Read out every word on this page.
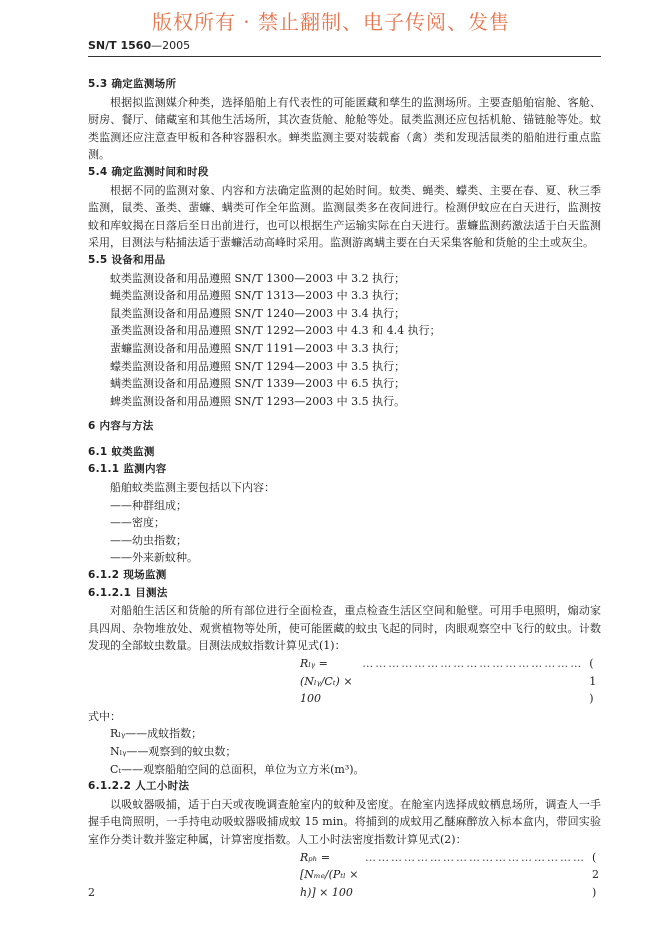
版权所有 · 禁止翻制、电子传阅、发售
SN/T 1560—2005

5.3 确定监测场所

根据拟监测媒介种类，选择船舶上有代表性的可能匿藏和孳生的监测场所。主要查船舶宿舱、客舱、厨房、餐厅、储藏室和其他生活场所，其次查货舱、舱舱等处。鼠类监测还应包括机舱、锚链舱等处。蚊类监测还应注意查甲板和各种容器积水。蝉类监测主要对装载畜（禽）类和发现活鼠类的船舶进行重点监测。

5.4 确定监测时间和时段

根据不同的监测对象、内容和方法确定监测的起始时间。蚊类、蝇类、蠓类、主要在春、夏、秋三季监测，鼠类、蚤类、蜚蠊、螨类可作全年监测。监测鼠类多在夜间进行。检测伊蚊应在白天进行，监测按蚊和库蚊揭在日落后至日出前进行，也可以根据生产运输实际在白天进行。蜚蠊监测药激法适于白天监测采用，目测法与粘捕法适于蜚蠊活动高峰时采用。监测游离螨主要在白天采集客舱和货舱的尘土或灰尘。

5.5 设备和用品

蚊类监测设备和用品遵照 SN/T 1300—2003 中 3.2 执行；

蝇类监测设备和用品遵照 SN/T 1313—2003 中 3.3 执行；

鼠类监测设备和用品遵照 SN/T 1240—2003 中 3.4 执行；

蚤类监测设备和用品遵照 SN/T 1292—2003 中 4.3 和 4.4 执行；

蜚蠊监测设备和用品遵照 SN/T 1191—2003 中 3.3 执行；

蠓类监测设备和用品遵照 SN/T 1294—2003 中 3.5 执行；

螨类监测设备和用品遵照 SN/T 1339—2003 中 6.5 执行；

蜱类监测设备和用品遵照 SN/T 1293—2003 中 3.5 执行。

6 内容与方法

6.1 蚊类监测

6.1.1 监测内容

船舶蚊类监测主要包括以下内容：

——种群组成；

——密度；

——幼虫指数；

——外来新蚊种。

6.1.2 现场监测

6.1.2.1 目测法

对船舶生活区和货舱的所有部位进行全面检查，重点检查生活区空间和舱壁。可用手电照明，煽动家具四周、杂物堆放处、观赏植物等处所，使可能匿藏的蚊虫飞起的同时，肉眼观察空中飞行的蚊虫。计数发现的全部蚊虫数量。目测法成蚊指数计算见式(1)：

Rₗᵧ = (Nₗᵧ/Cₜ) × 100
…………………………………………… ( 1 )

式中：

Rₗᵧ——成蚊指数；

Nₗᵧ——观察到的蚊虫数；

Cₜ——观察船舶空间的总面积，单位为立方米(m³)。

6.1.2.2 人工小时法

以吸蚊器吸捕，适于白天或夜晚调查舱室内的蚊种及密度。在舱室内选择成蚊栖息场所，调查人一手握手电筒照明，一手持电动吸蚊器吸捕成蚊 15 min。将捕到的成蚊用乙醚麻醉放入标本盒内，带回实验室作分类计数并鉴定种属，计算密度指数。人工小时法密度指数计算见式(2)：

Rₚₕ = [Nₘₑ/(Pₜₗ × h)] × 100
…………………………………………… ( 2 )
2
